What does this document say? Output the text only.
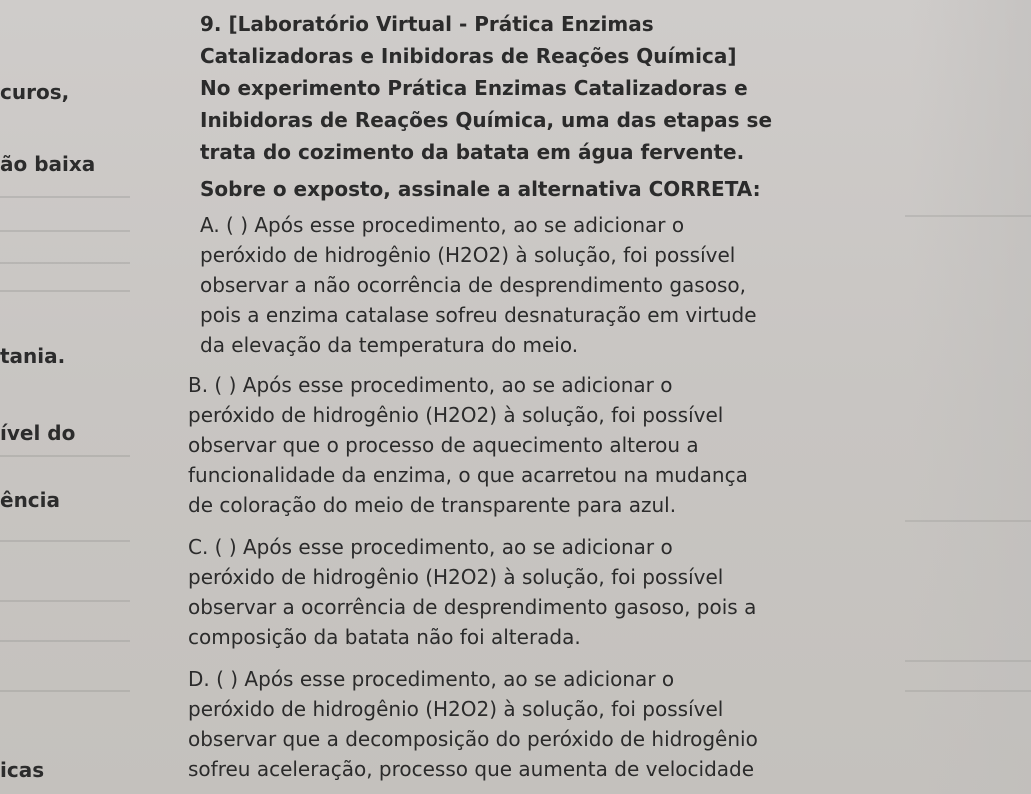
curos,
ão baixa
tania.
ível do
ência
icas
9. [Laboratório Virtual - Prática Enzimas
Catalizadoras e Inibidoras de Reações Química]
No experimento Prática Enzimas Catalizadoras e
Inibidoras de Reações Química, uma das etapas se
trata do cozimento da batata em água fervente.
Sobre o exposto, assinale a alternativa CORRETA:
A. ( ) Após esse procedimento, ao se adicionar o
peróxido de hidrogênio (H2O2) à solução, foi possível
observar a não ocorrência de desprendimento gasoso,
pois a enzima catalase sofreu desnaturação em virtude
da elevação da temperatura do meio.
B. ( ) Após esse procedimento, ao se adicionar o
peróxido de hidrogênio (H2O2) à solução, foi possível
observar que o processo de aquecimento alterou a
funcionalidade da enzima, o que acarretou na mudança
de coloração do meio de transparente para azul.
C. ( ) Após esse procedimento, ao se adicionar o
peróxido de hidrogênio (H2O2) à solução, foi possível
observar a ocorrência de desprendimento gasoso, pois a
composição da batata não foi alterada.
D. ( ) Após esse procedimento, ao se adicionar o
peróxido de hidrogênio (H2O2) à solução, foi possível
observar que a decomposição do peróxido de hidrogênio
sofreu aceleração, processo que aumenta de velocidade
